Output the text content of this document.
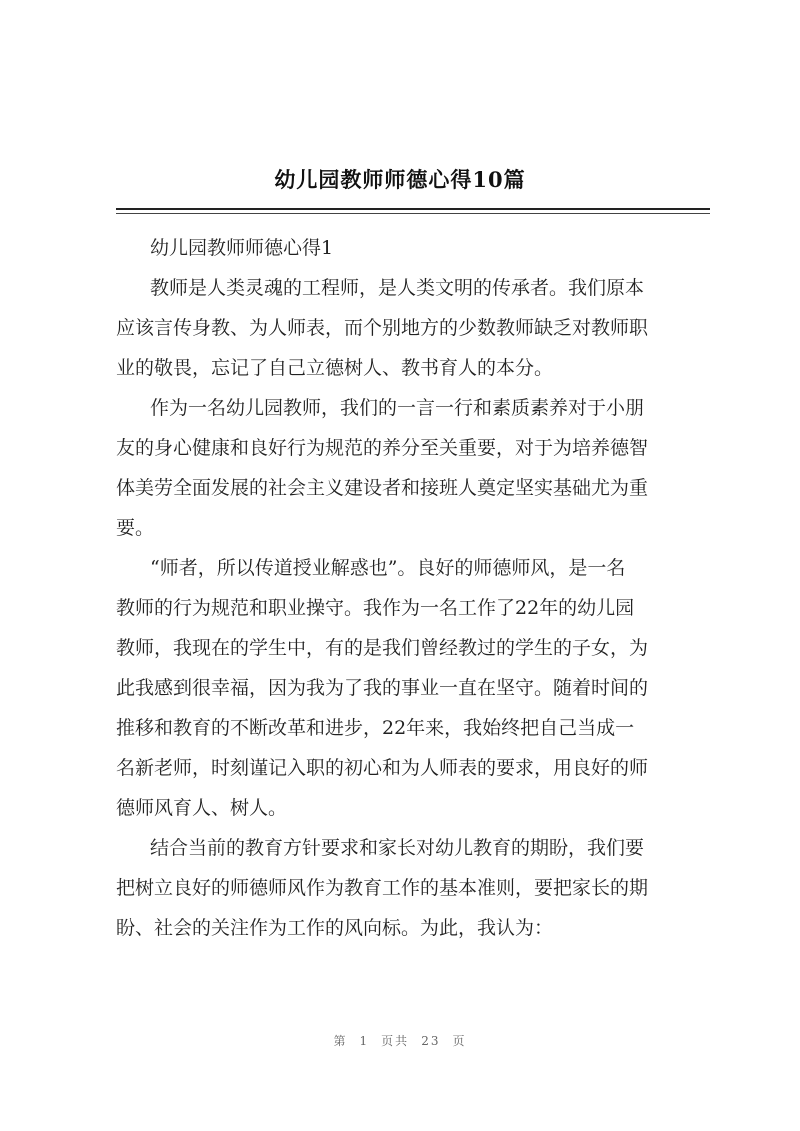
幼儿园教师师德心得10篇
幼儿园教师师德心得1
教师是人类灵魂的工程师，是人类文明的传承者。我们原本
应该言传身教、为人师表，而个别地方的少数教师缺乏对教师职
业的敬畏，忘记了自己立德树人、教书育人的本分。
作为一名幼儿园教师，我们的一言一行和素质素养对于小朋
友的身心健康和良好行为规范的养分至关重要，对于为培养德智
体美劳全面发展的社会主义建设者和接班人奠定坚实基础尤为重
要。
“师者，所以传道授业解惑也”。良好的师德师风，是一名
教师的行为规范和职业操守。我作为一名工作了22年的幼儿园
教师，我现在的学生中，有的是我们曾经教过的学生的子女，为
此我感到很幸福，因为我为了我的事业一直在坚守。随着时间的
推移和教育的不断改革和进步，22年来，我始终把自己当成一
名新老师，时刻谨记入职的初心和为人师表的要求，用良好的师
德师风育人、树人。
结合当前的教育方针要求和家长对幼儿教育的期盼，我们要
把树立良好的师德师风作为教育工作的基本准则，要把家长的期
盼、社会的关注作为工作的风向标。为此，我认为：
第 1 页共 23 页
